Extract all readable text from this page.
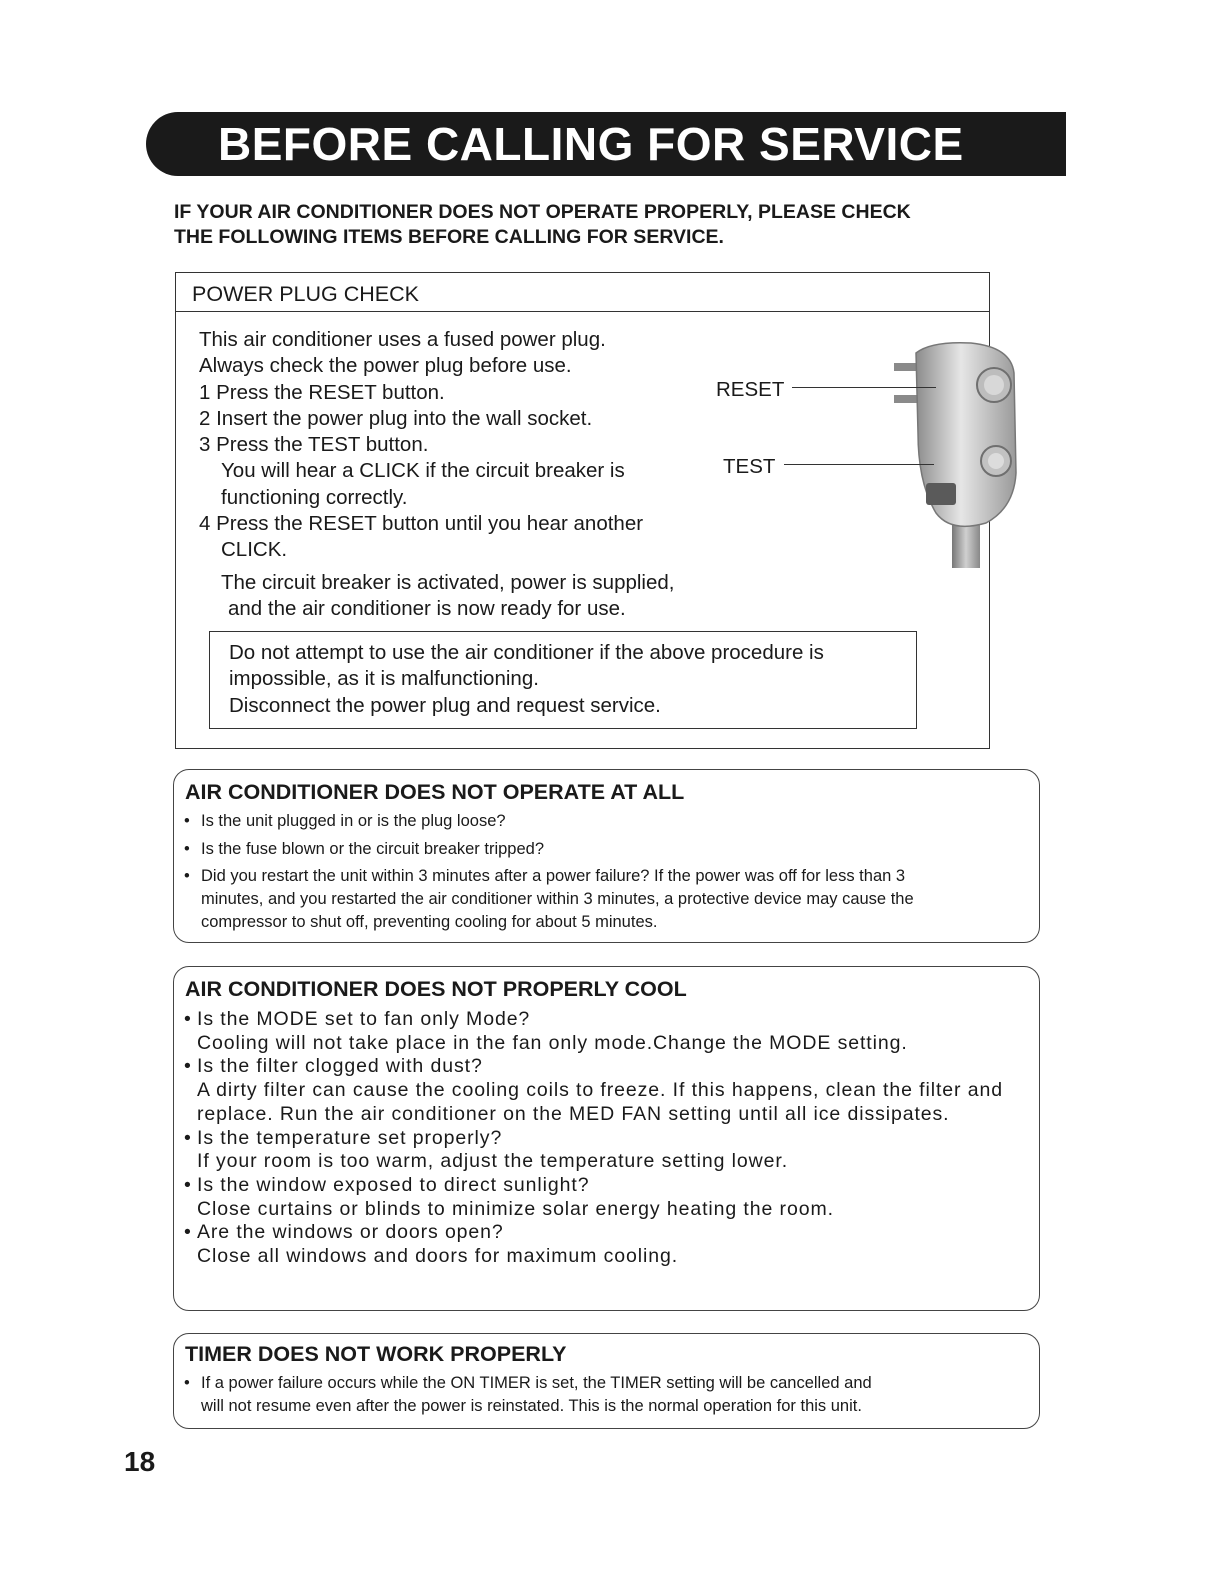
BEFORE CALLING FOR SERVICE
IF YOUR AIR CONDITIONER DOES NOT OPERATE PROPERLY, PLEASE CHECK
THE FOLLOWING ITEMS BEFORE CALLING FOR SERVICE.
POWER PLUG CHECK
This air conditioner uses a fused power plug.
Always check the power plug before use.
1 Press the RESET button.
2 Insert the power plug into the wall socket.
3 Press the TEST button.
You will hear a CLICK if the circuit breaker is
functioning correctly.
4 Press the RESET button until you hear another
CLICK.
The circuit breaker is activated, power is supplied,
and the air conditioner is now ready for use.
RESET
TEST
Do not attempt to use the air conditioner if the above procedure is
impossible, as it is malfunctioning.
Disconnect the power plug and request service.
AIR CONDITIONER DOES NOT OPERATE AT ALL
• Is the unit plugged in or is the plug loose?
• Is the fuse blown or the circuit breaker tripped?
• Did you restart the unit within 3 minutes after a power failure? If the power was off for less than 3
minutes, and you restarted the air conditioner within 3 minutes, a protective device may cause the
compressor to shut off, preventing cooling for about 5 minutes.
AIR CONDITIONER DOES NOT PROPERLY COOL
• Is the MODE set to fan only Mode?
Cooling will not take place in the fan only mode.Change the MODE setting.
• Is the filter clogged with dust?
A dirty filter can cause the cooling coils to freeze. If this happens, clean the filter and
replace. Run the air conditioner on the MED FAN setting until all ice dissipates.
• Is the temperature set properly?
If your room is too warm, adjust the temperature setting lower.
• Is the window exposed to direct sunlight?
Close curtains or blinds to minimize solar energy heating the room.
• Are the windows or doors open?
Close all windows and doors for maximum cooling.
TIMER DOES NOT WORK PROPERLY
• If a power failure occurs while the ON TIMER is set, the TIMER setting will be cancelled and
will not resume even after the power is reinstated. This is the normal operation for this unit.
18
